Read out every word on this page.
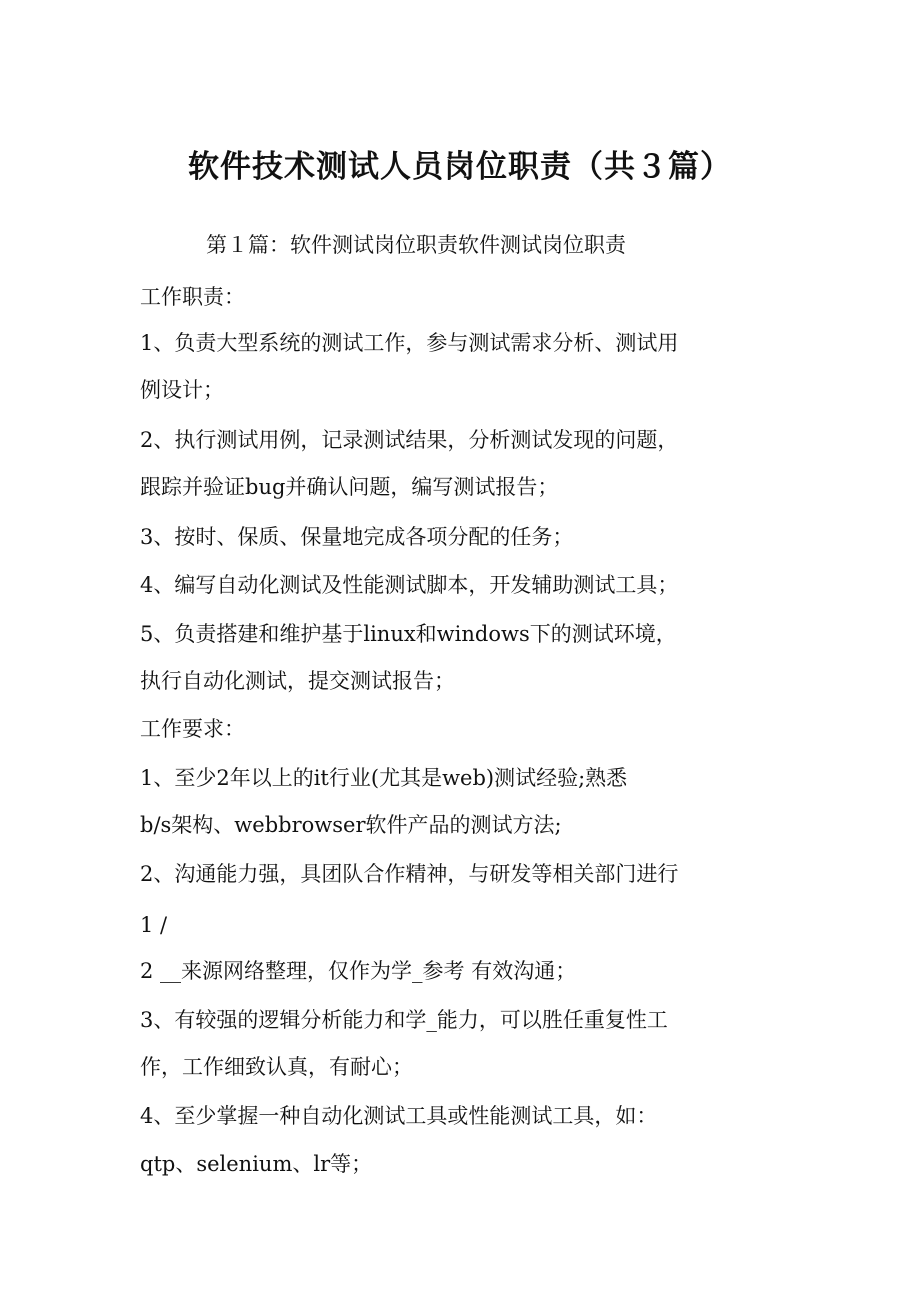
软件技术测试人员岗位职责（共３篇）

第１篇：软件测试岗位职责软件测试岗位职责

工作职责：

1、负责大型系统的测试工作，参与测试需求分析、测试用

例设计；

2、执行测试用例，记录测试结果，分析测试发现的问题，

跟踪并验证bug并确认问题，编写测试报告；

3、按时、保质、保量地完成各项分配的任务；

4、编写自动化测试及性能测试脚本，开发辅助测试工具；

5、负责搭建和维护基于linux和windows下的测试环境，

执行自动化测试，提交测试报告；

工作要求：

1、至少2年以上的it行业(尤其是web)测试经验;熟悉

b/s架构、webbrowser软件产品的测试方法;

2、沟通能力强，具团队合作精神，与研发等相关部门进行

1 /

2 __来源网络整理，仅作为学_参考 有效沟通；

3、有较强的逻辑分析能力和学_能力，可以胜任重复性工

作，工作细致认真，有耐心；

4、至少掌握一种自动化测试工具或性能测试工具，如：

qtp、selenium、lr等；
